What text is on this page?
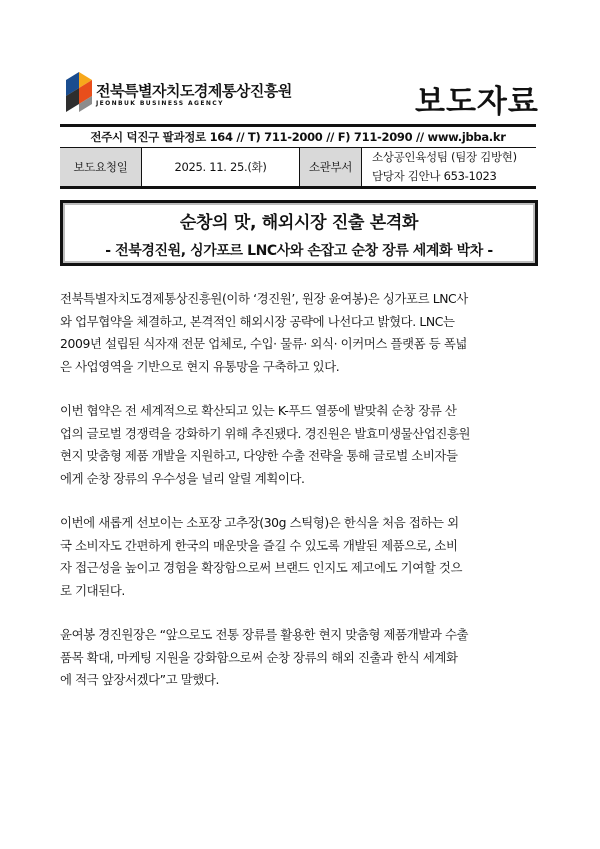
전북특별자치도경제통상진흥원
JEONBUK BUSINESS AGENCY	보도자료
전주시 덕진구 팔과정로 164 // T) 711-2000 // F) 711-2090 // www.jbba.kr
보도요청일	2025. 11. 25.(화)	소관부서
소상공인육성팀 (팀장 김방현)
담당자 김안나 653-1023
순창의 맛, 해외시장 진출 본격화
- 전북경진원, 싱가포르 LNC사와 손잡고 순창 장류 세계화 박차 -
전북특별자치도경제통상진흥원(이하 ‘경진원’, 원장 윤여봉)은 싱가포르 LNC사
와 업무협약을 체결하고, 본격적인 해외시장 공략에 나선다고 밝혔다. LNC는
2009년 설립된 식자재 전문 업체로, 수입· 물류· 외식· 이커머스 플랫폼 등 폭넓
은 사업영역을 기반으로 현지 유통망을 구축하고 있다.
이번 협약은 전 세계적으로 확산되고 있는 K-푸드 열풍에 발맞춰 순창 장류 산
업의 글로벌 경쟁력을 강화하기 위해 추진됐다. 경진원은 발효미생물산업진흥원
현지 맞춤형 제품 개발을 지원하고, 다양한 수출 전략을 통해 글로벌 소비자들
에게 순창 장류의 우수성을 널리 알릴 계획이다.
이번에 새롭게 선보이는 소포장 고추장(30g 스틱형)은 한식을 처음 접하는 외
국 소비자도 간편하게 한국의 매운맛을 즐길 수 있도록 개발된 제품으로, 소비
자 접근성을 높이고 경험을 확장함으로써 브랜드 인지도 제고에도 기여할 것으
로 기대된다.
윤여봉 경진원장은 “앞으로도 전통 장류를 활용한 현지 맞춤형 제품개발과 수출
품목 확대, 마케팅 지원을 강화함으로써 순창 장류의 해외 진출과 한식 세계화
에 적극 앞장서겠다”고 말했다.
